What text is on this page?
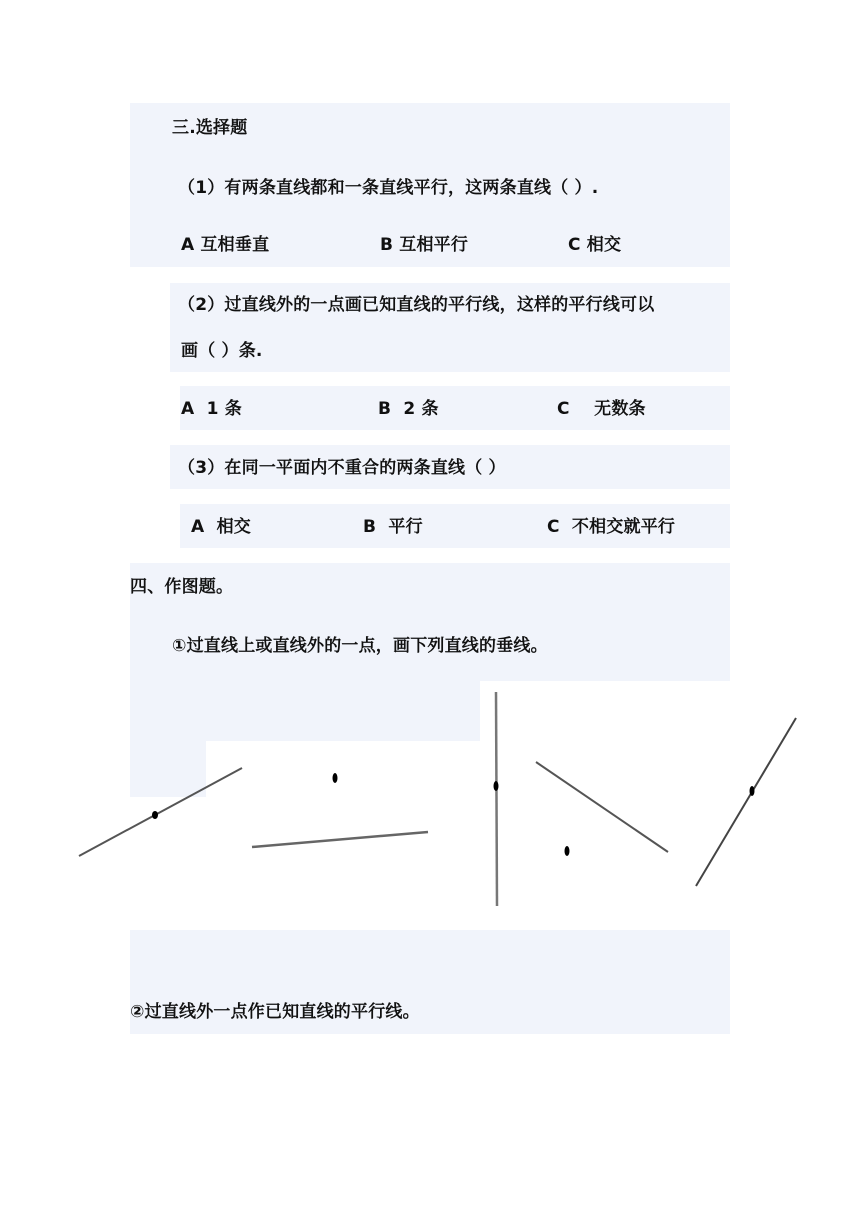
三.选择题
（1）有两条直线都和一条直线平行，这两条直线（ ）.
A 互相垂直	B 互相平行	C 相交
（2）过直线外的一点画已知直线的平行线，这样的平行线可以
画（ ）条.
A  1 条	B  2 条	C    无数条
（3）在同一平面内不重合的两条直线（ ）
A  相交	B  平行	C  不相交就平行
四、作图题。
①过直线上或直线外的一点，画下列直线的垂线。
②过直线外一点作已知直线的平行线。
